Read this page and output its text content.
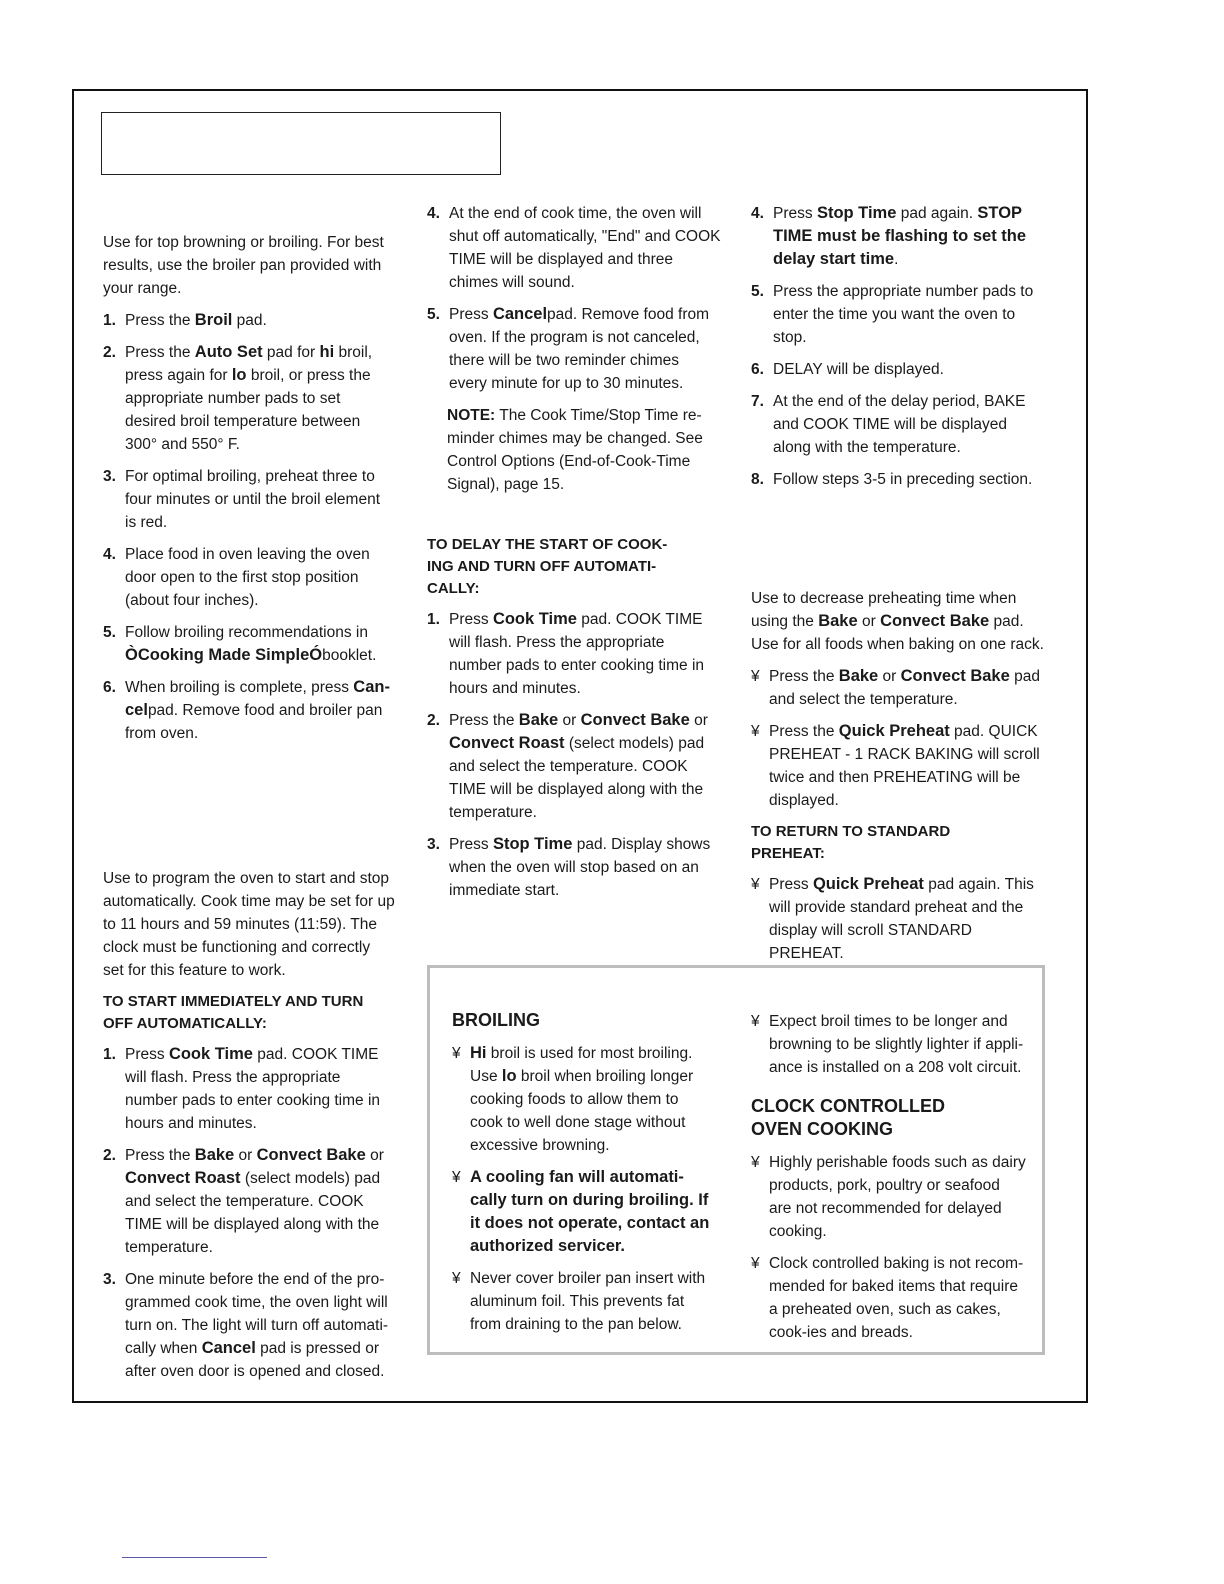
Use for top browning or broiling. For best results, use the broiler pan provided with your range.

1. Press the Broil pad.
2. Press the Auto Set pad for hi broil, press again for lo broil, or press the appropriate number pads to set desired broil temperature between 300° and 550° F.
3. For optimal broiling, preheat three to four minutes or until the broil element is red.
4. Place food in oven leaving the oven door open to the first stop position (about four inches).
5. Follow broiling recommendations in ÒCooking Made SimpleÓbooklet.
6. When broiling is complete, press Can-celpad. Remove food and broiler pan from oven.

Use to program the oven to start and stop automatically. Cook time may be set for up to 11 hours and 59 minutes (11:59). The clock must be functioning and correctly set for this feature to work.

TO START IMMEDIATELY AND TURN OFF AUTOMATICALLY:
1. Press Cook Time pad. COOK TIME will flash. Press the appropriate number pads to enter cooking time in hours and minutes.
2. Press the Bake or Convect Bake or Convect Roast (select models) pad and select the temperature. COOK TIME will be displayed along with the temperature.
3. One minute before the end of the pro-grammed cook time, the oven light will turn on. The light will turn off automati-cally when Cancel pad is pressed or after oven door is opened and closed.
4. At the end of cook time, the oven will shut off automatically, "End" and COOK TIME will be displayed and three chimes will sound.
5. Press Cancelpad. Remove food from oven. If the program is not canceled, there will be two reminder chimes every minute for up to 30 minutes.

NOTE: The Cook Time/Stop Time re-minder chimes may be changed. See Control Options (End-of-Cook-Time Signal), page 15.

TO DELAY THE START OF COOK-ING AND TURN OFF AUTOMATI-CALLY:
1. Press Cook Time pad. COOK TIME will flash. Press the appropriate number pads to enter cooking time in hours and minutes.
2. Press the Bake or Convect Bake or Convect Roast (select models) pad and select the temperature. COOK TIME will be displayed along with the temperature.
3. Press Stop Time pad. Display shows when the oven will stop based on an immediate start.
4. Press Stop Time pad again. STOP TIME must be flashing to set the delay start time.
5. Press the appropriate number pads to enter the time you want the oven to stop.
6. DELAY will be displayed.
7. At the end of the delay period, BAKE and COOK TIME will be displayed along with the temperature.
8. Follow steps 3-5 in preceding section.

Use to decrease preheating time when using the Bake or Convect Bake pad. Use for all foods when baking on one rack.

¥ Press the Bake or Convect Bake pad and select the temperature.
¥ Press the Quick Preheat pad. QUICK PREHEAT - 1 RACK BAKING will scroll twice and then PREHEATING will be displayed.
TO RETURN TO STANDARD PREHEAT:
¥ Press Quick Preheat pad again. This will provide standard preheat and the display will scroll STANDARD PREHEAT.
BROILING
¥ Hi broil is used for most broiling. Use lo broil when broiling longer cooking foods to allow them to cook to well done stage without excessive browning.
¥ A cooling fan will automati-cally turn on during broiling. If it does not operate, contact an authorized servicer.
¥ Never cover broiler pan insert with aluminum foil. This prevents fat from draining to the pan below.
¥ Expect broil times to be longer and browning to be slightly lighter if appli-ance is installed on a 208 volt circuit.
CLOCK CONTROLLED OVEN COOKING
¥ Highly perishable foods such as dairy products, pork, poultry or seafood are not recommended for delayed cooking.
¥ Clock controlled baking is not recom-mended for baked items that require a preheated oven, such as cakes, cook-ies and breads.
